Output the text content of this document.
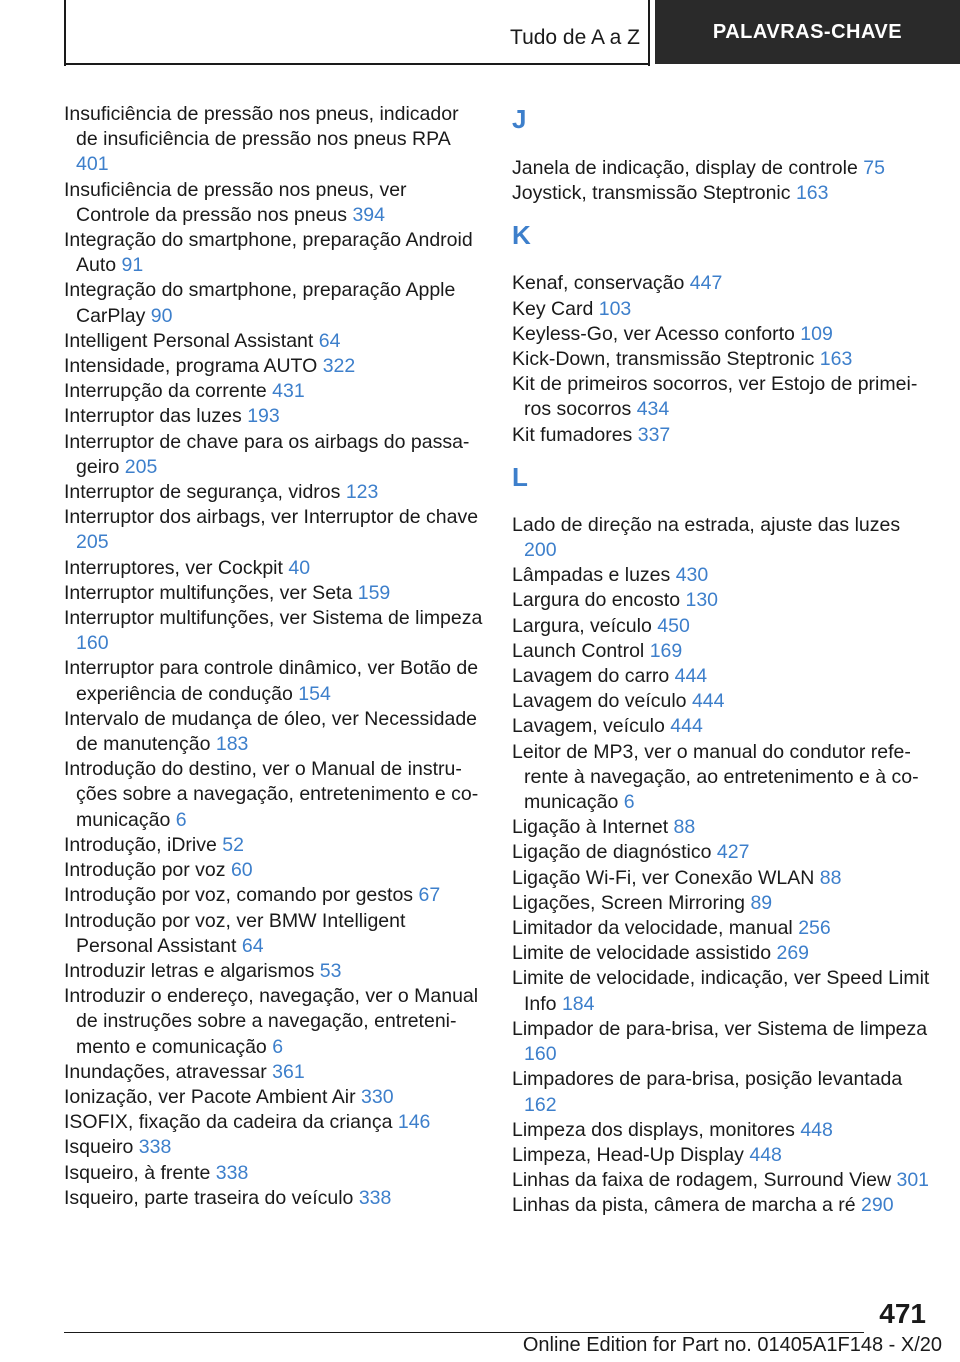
Tudo de A a Z	PALAVRAS-CHAVE

Insuficiência de pressão nos pneus, indicador de insuficiência de pressão nos pneus RPA 401

Insuficiência de pressão nos pneus, ver Controle da pressão nos pneus 394

Integração do smartphone, preparação Android Auto 91

Integração do smartphone, preparação Apple CarPlay 90

Intelligent Personal Assistant 64

Intensidade, programa AUTO 322

Interrupção da corrente 431

Interruptor das luzes 193

Interruptor de chave para os airbags do passageiro 205

Interruptor de segurança, vidros 123

Interruptor dos airbags, ver Interruptor de chave 205

Interruptores, ver Cockpit 40

Interruptor multifunções, ver Seta 159

Interruptor multifunções, ver Sistema de limpeza 160

Interruptor para controle dinâmico, ver Botão de experiência de condução 154

Intervalo de mudança de óleo, ver Necessidade de manutenção 183

Introdução do destino, ver o Manual de instruções sobre a navegação, entretenimento e comunicação 6

Introdução, iDrive 52

Introdução por voz 60

Introdução por voz, comando por gestos 67

Introdução por voz, ver BMW Intelligent Personal Assistant 64

Introduzir letras e algarismos 53

Introduzir o endereço, navegação, ver o Manual de instruções sobre a navegação, entretenimento e comunicação 6

Inundações, atravessar 361

Ionização, ver Pacote Ambient Air 330

ISOFIX, fixação da cadeira da criança 146

Isqueiro 338

Isqueiro, à frente 338

Isqueiro, parte traseira do veículo 338

J

Janela de indicação, display de controle 75

Joystick, transmissão Steptronic 163

K

Kenaf, conservação 447

Key Card 103

Keyless-Go, ver Acesso conforto 109

Kick-Down, transmissão Steptronic 163

Kit de primeiros socorros, ver Estojo de primeiros socorros 434

Kit fumadores 337

L

Lado de direção na estrada, ajuste das luzes 200

Lâmpadas e luzes 430

Largura do encosto 130

Largura, veículo 450

Launch Control 169

Lavagem do carro 444

Lavagem do veículo 444

Lavagem, veículo 444

Leitor de MP3, ver o manual do condutor referente à navegação, ao entretenimento e à comunicação 6

Ligação à Internet 88

Ligação de diagnóstico 427

Ligação Wi-Fi, ver Conexão WLAN 88

Ligações, Screen Mirroring 89

Limitador da velocidade, manual 256

Limite de velocidade assistido 269

Limite de velocidade, indicação, ver Speed Limit Info 184

Limpador de para-brisa, ver Sistema de limpeza 160

Limpadores de para-brisa, posição levantada 162

Limpeza dos displays, monitores 448

Limpeza, Head-Up Display 448

Linhas da faixa de rodagem, Surround View 301

Linhas da pista, câmera de marcha a ré 290

471
Online Edition for Part no. 01405A1F148 - X/20
